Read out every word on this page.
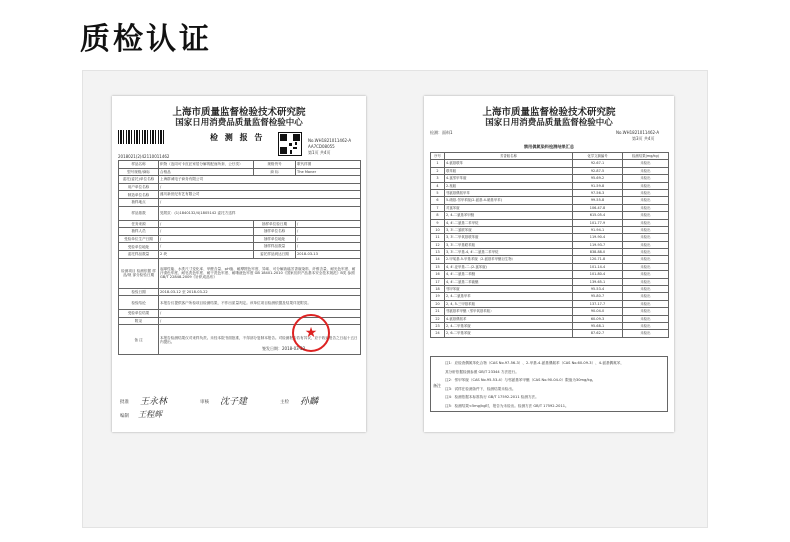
质检认证
上海市质量监督检验技术研究院
国家日用消费品质量监督检验中心
检 测 报 告	No.WH1821011462-A
AA7CD08055
第1页 共4页
2018021(2)42110011462
样品名称	织物（连同可卡皮匠家居分解的配而所套、公仔类）	规格货号	歌代样图
型号规格/商标	合格品	商 标	The Moner
委托(委托)单位名称	上海群诚电子商务有限公司		
用户单位名称	/		
制造单位名称	潍坊新世纪布艺有限公司		
抽样地点	/		
样品基数	见附页：(1)1840132/4)1805142 委托方送样		
任务来源	/	抽样单位检日期	/
抽样人员	/	抽样单位名称	/
受检单位生产日期	/	抽样单位地址	/
受检单位地址	/	抽样样品数量	/
委托样品数量	2 块	委托样品到达日期	2018-03-13
检测项目 检测依据 样品/规 部分检验日期	起球性能、水洗尺寸变化率、甲醛含量、pH值、耐摩擦色牢度、异味、可分解致癌芳香胺染料、纤维含量、耐光色牢度、耐汗渍色牢度、耐皂洗色牢度、耐干洗色牢度、耐唾液色牢度 GB 18401-2010《国家纺织产品基本安全技术规范》B类 参照GB/T 22848-2009《针织成品布》		
检验日期	2018-03-12 至 2018-03-22		
检验结论	本报告仅提供客户所检项目检测结果，不作出质量判定。该单位项目检测依据及结果详见附页。		
受检单位结果	/		
附录	/		
备 注	本报告检测结果仅对来样负责。未经本院书面批准，不得部分复制本报告。对检测报告若有异议，应于收到报告之日起十五日内提出。		
★
签发日期：2018-03-22
批准 王永林	审核 沈子建	主检 孙麟
编制 王程辉
上海市质量监督检验技术研究院
国家日用消费品质量监督检验中心
检测：面料1	No.WH1821011462-A
第3页 共4页
禁用偶氮染料检测结果汇总
序号	芳香胺名称	化学文摘编号	检测结果(mg/kg)
1	4-氨基联苯	92-67-1	未检出
2	联苯胺	92-87-5	未检出
3	4-氯邻甲苯胺	95-69-2	未检出
4	2-萘胺	91-59-8	未检出
5	邻氨基偶氮甲苯	97-56-3	未检出
6	5-硝基-邻甲苯胺(2-氨基-4-硝基甲苯)	99-55-8	未检出
7	对氯苯胺	106-47-8	未检出
8	2, 4-二氨基苯甲醚	615-05-4	未检出
9	4, 4'-二氨基二苯甲烷	101-77-9	未检出
10	3, 3'-二氯联苯胺	91-94-1	未检出
11	3, 3'-二甲氧基联苯胺	119-90-4	未检出
12	3, 3'-二甲基联苯胺	119-93-7	未检出
13	3, 3'-二甲基-4, 4'-二氨基二苯甲烷	838-88-0	未检出
14	2-甲氧基-5-甲基苯胺（2-氨基苯甲醚衍生物）	120-71-8	未检出
15	4, 4'-亚甲基-二-(2-氯苯胺)	101-14-4	未检出
16	4, 4'-二氨基二苯醚	101-80-4	未检出
17	4, 4'-二氨基二苯硫醚	139-65-1	未检出
18	邻甲苯胺	95-53-4	未检出
19	2, 4-二氨基甲苯	95-80-7	未检出
20	2, 4, 5-三甲基苯胺	137-17-7	未检出
21	邻氨基苯甲醚（邻甲氧基苯胺）	90-04-0	未检出
22	4-氨基偶氮苯	60-09-3	未检出
23	2, 4-二甲基苯胺	95-68-1	未检出
24	2, 6-二甲基苯胺	87-62-7	未检出
备注
注1：应检查偶氮苯化合物（CAS No.97-56-3）、2-甲基-4-氨基偶氮苯（CAS No.60-09-3）、4-氨基偶氮苯，
其分析依据检测参照 GB/T 23344 方法进行。
注2：邻甲苯胺（CAS No.95-53-4）与邻氨基苯甲醚（CAS No.90-04-0）限值为30mg/kg。
注3：试样在检测条件下，检测结果未检出。
注4：检测依据本标准执行 GB/T 17592-2011 检测方法。
注5：检测结果<5mg/kg时，报告为未检出。检测方法 GB/T 17592-2011。
